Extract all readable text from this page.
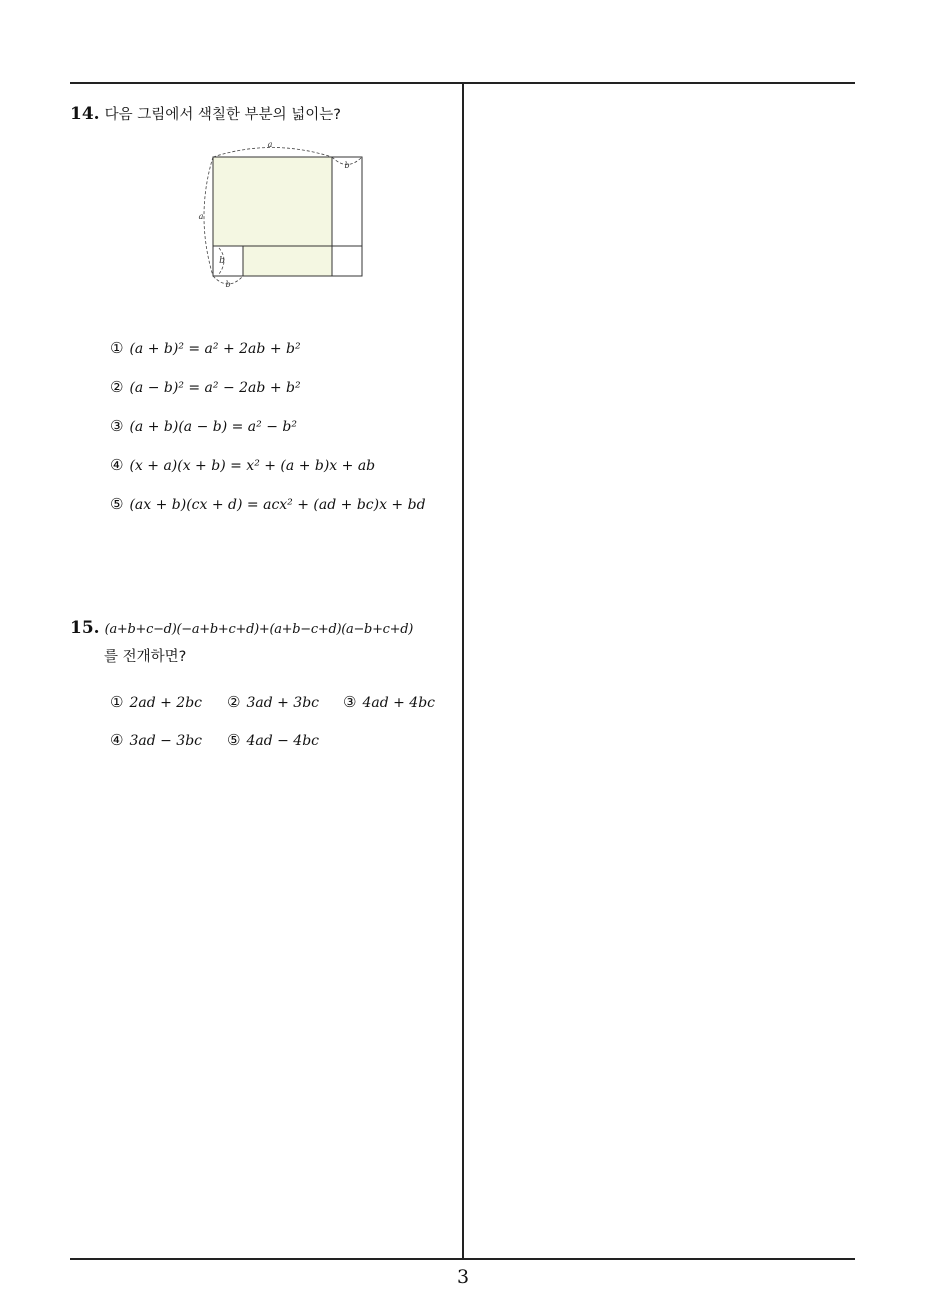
14. 다음 그림에서 색칠한 부분의 넓이는?
a
a
b
b
b
① (a + b)² = a² + 2ab + b²
② (a − b)² = a² − 2ab + b²
③ (a + b)(a − b) = a² − b²
④ (x + a)(x + b) = x² + (a + b)x + ab
⑤ (ax + b)(cx + d) = acx² + (ad + bc)x + bd
15. (a+b+c−d)(−a+b+c+d)+(a+b−c+d)(a−b+c+d)
를 전개하면?
① 2ad + 2bc ② 3ad + 3bc ③ 4ad + 4bc
④ 3ad − 3bc ⑤ 4ad − 4bc
3
